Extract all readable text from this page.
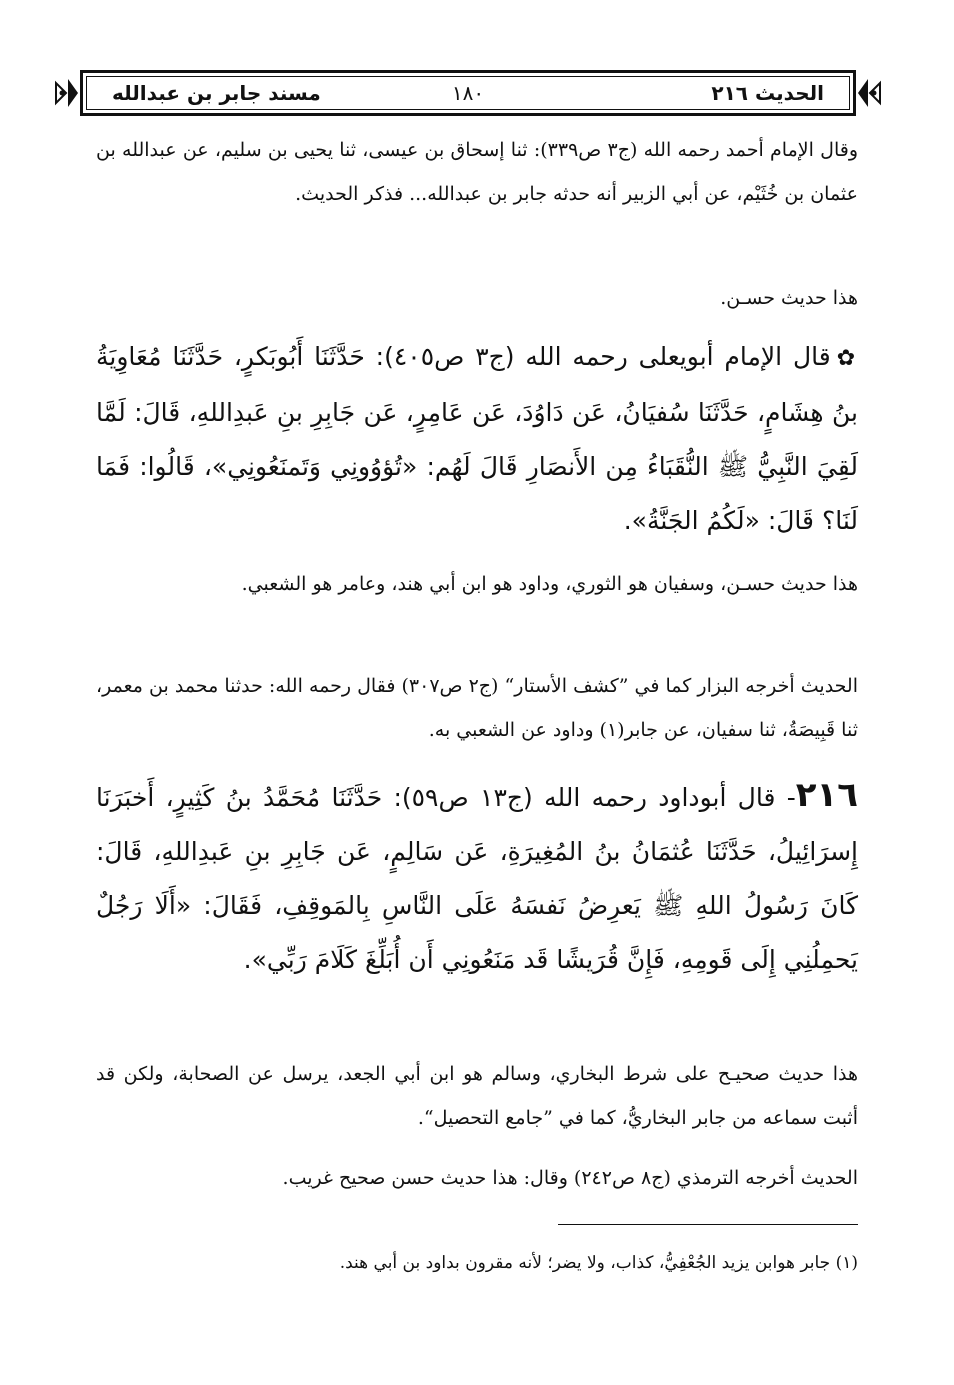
الحديث ٢١٦
١٨٠
مسند جابر بن عبدالله
وقال الإمام أحمد رحمه الله (ج٣ ص٣٣٩): ثنا إسحاق بن عيسى، ثنا يحيى بن سليم، عن عبدالله بن عثمان بن خُثَيْم، عن أبي الزبير أنه حدثه جابر بن عبدالله... فذكر الحديث.
هذا حديث حسـن.
✿قال الإمام أبويعلى رحمه الله (ج٣ ص٤٠٥): حَدَّثَنَا أَبُوبَكرٍ، حَدَّثَنَا مُعَاوِيَةُ بنُ هِشَامٍ، حَدَّثَنَا سُفيَانُ، عَن دَاوُدَ، عَن عَامِرٍ، عَن جَابِرِ بنِ عَبدِاللهِ، قَالَ: لَمَّا لَقِيَ النَّبِيُّ ﷺ النُّقَبَاءُ مِن الأَنصَارِ قَالَ لَهُم: «تُؤوُونِي وَتَمنَعُونِي»، قَالُوا: فَمَا لَنَا؟ قَالَ: «لَكُمُ الجَنَّةُ».
هذا حديث حسـن، وسفيان هو الثوري، وداود هو ابن أبي هند، وعامر هو الشعبي.
الحديث أخرجه البزار كما في ”كشف الأستار“ (ج٢ ص٣٠٧) فقال رحمه الله: حدثنا محمد بن معمر، ثنا قَبِيصَةُ، ثنا سفيان، عن جابر(١) وداود عن الشعبي به.
٢١٦- قال أبوداود رحمه الله (ج١٣ ص٥٩): حَدَّثَنَا مُحَمَّدُ بنُ كَثِيرٍ، أَخبَرَنَا إِسرَائِيلُ، حَدَّثَنَا عُثمَانُ بنُ المُغِيرَةِ، عَن سَالِمٍ، عَن جَابِرِ بنِ عَبدِاللهِ، قَالَ: كَانَ رَسُولُ اللهِ ﷺ يَعرِضُ نَفسَهُ عَلَى النَّاسِ بِالمَوقِفِ، فَقَالَ: «أَلَا رَجُلٌ يَحمِلُنِي إِلَى قَومِهِ، فَإِنَّ قُرَيشًا قَد مَنَعُونِي أَن أُبَلِّغَ كَلَامَ رَبِّي».
هذا حديث صحيـح على شرط البخاري، وسالم هو ابن أبي الجعد، يرسل عن الصحابة، ولكن قد أثبت سماعه من جابر البخاريُّ، كما في ”جامع التحصيل“.
الحديث أخرجه الترمذي (ج٨ ص٢٤٢) وقال: هذا حديث حسن صحيح غريب.
(١) جابر هوابن يزيد الجُعْفِيُّ، كذاب، ولا يضر؛ لأنه مقرون بداود بن أبي هند.
